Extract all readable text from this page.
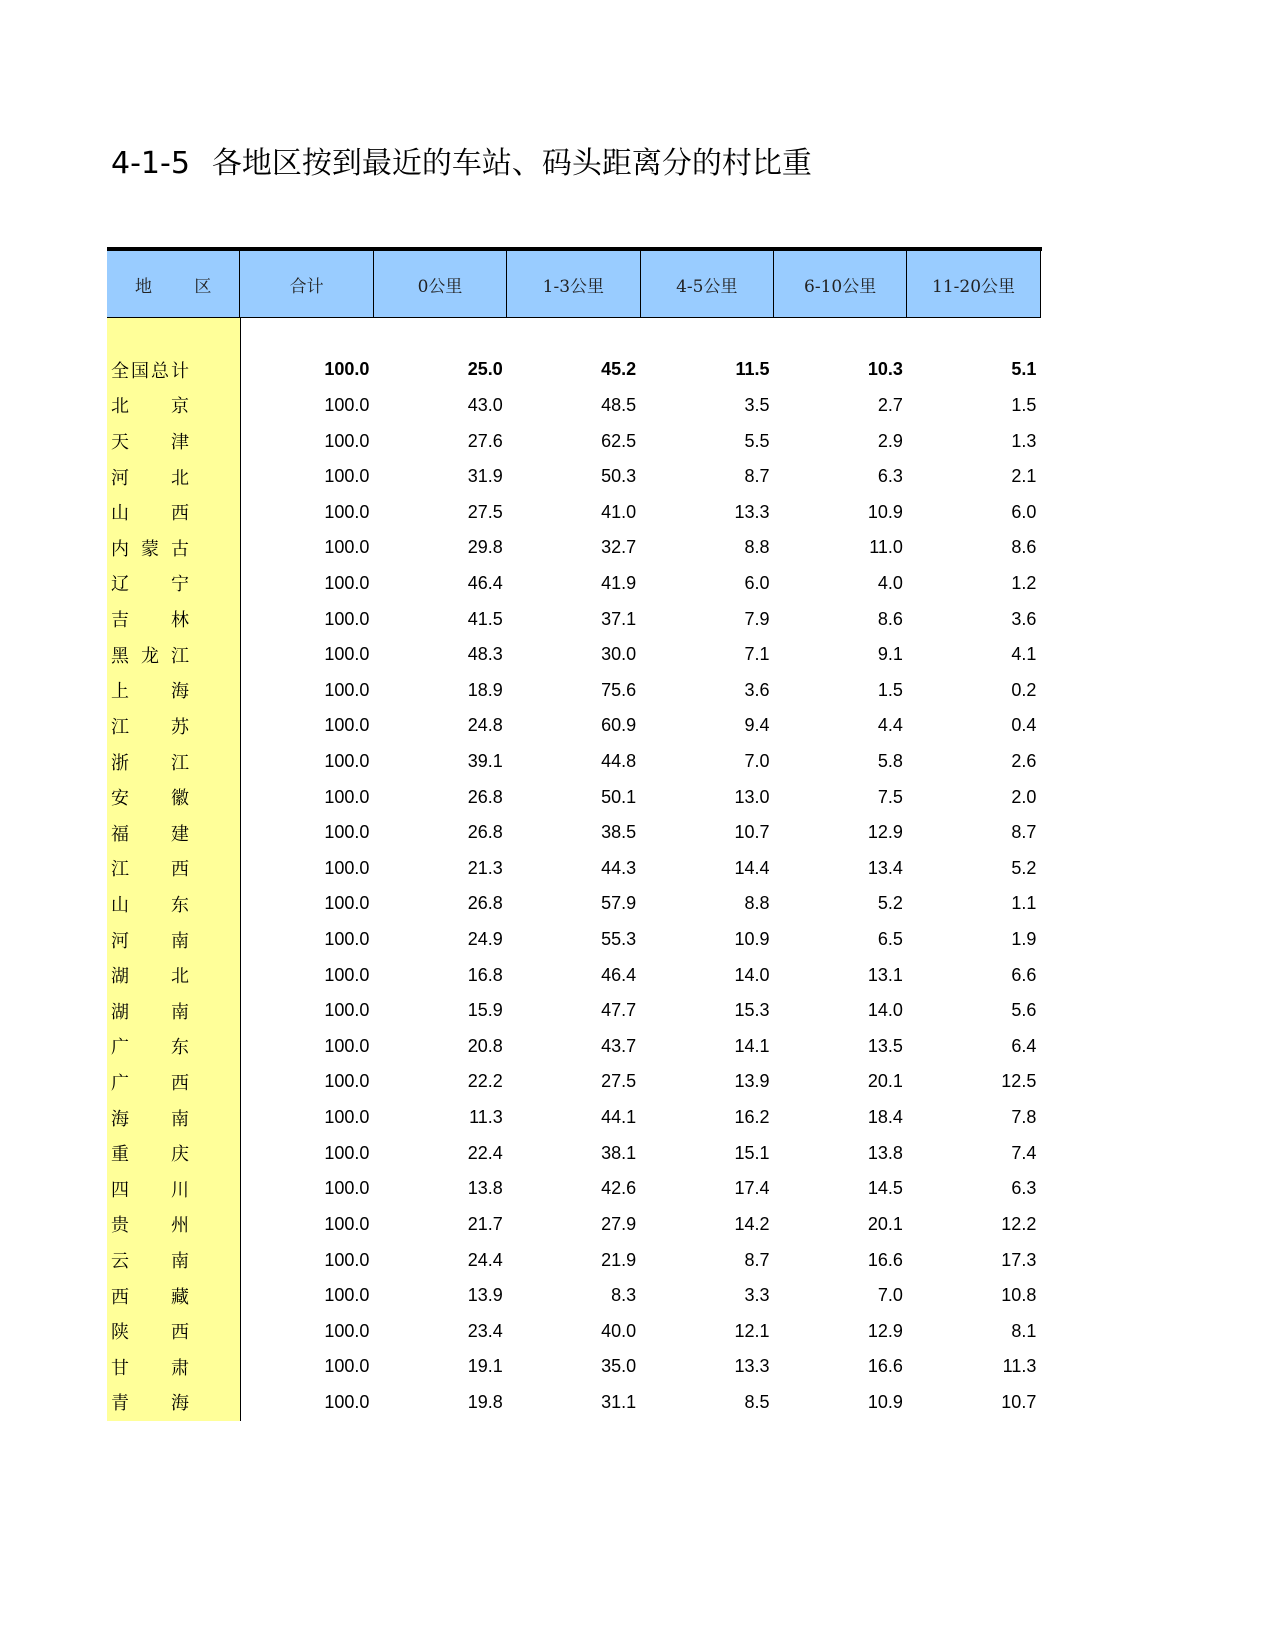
4-1-5 各地区按到最近的车站、码头距离分的村比重
地 区	合计	0公里	1-3公里	4-5公里	6-10公里	11-20公里
全国总计	100.0	25.0	45.2	11.5	10.3	5.1
北京	100.0	43.0	48.5	3.5	2.7	1.5
天津	100.0	27.6	62.5	5.5	2.9	1.3
河北	100.0	31.9	50.3	8.7	6.3	2.1
山西	100.0	27.5	41.0	13.3	10.9	6.0
内蒙古	100.0	29.8	32.7	8.8	11.0	8.6
辽宁	100.0	46.4	41.9	6.0	4.0	1.2
吉林	100.0	41.5	37.1	7.9	8.6	3.6
黑龙江	100.0	48.3	30.0	7.1	9.1	4.1
上海	100.0	18.9	75.6	3.6	1.5	0.2
江苏	100.0	24.8	60.9	9.4	4.4	0.4
浙江	100.0	39.1	44.8	7.0	5.8	2.6
安徽	100.0	26.8	50.1	13.0	7.5	2.0
福建	100.0	26.8	38.5	10.7	12.9	8.7
江西	100.0	21.3	44.3	14.4	13.4	5.2
山东	100.0	26.8	57.9	8.8	5.2	1.1
河南	100.0	24.9	55.3	10.9	6.5	1.9
湖北	100.0	16.8	46.4	14.0	13.1	6.6
湖南	100.0	15.9	47.7	15.3	14.0	5.6
广东	100.0	20.8	43.7	14.1	13.5	6.4
广西	100.0	22.2	27.5	13.9	20.1	12.5
海南	100.0	11.3	44.1	16.2	18.4	7.8
重庆	100.0	22.4	38.1	15.1	13.8	7.4
四川	100.0	13.8	42.6	17.4	14.5	6.3
贵州	100.0	21.7	27.9	14.2	20.1	12.2
云南	100.0	24.4	21.9	8.7	16.6	17.3
西藏	100.0	13.9	8.3	3.3	7.0	10.8
陕西	100.0	23.4	40.0	12.1	12.9	8.1
甘肃	100.0	19.1	35.0	13.3	16.6	11.3
青海	100.0	19.8	31.1	8.5	10.9	10.7
